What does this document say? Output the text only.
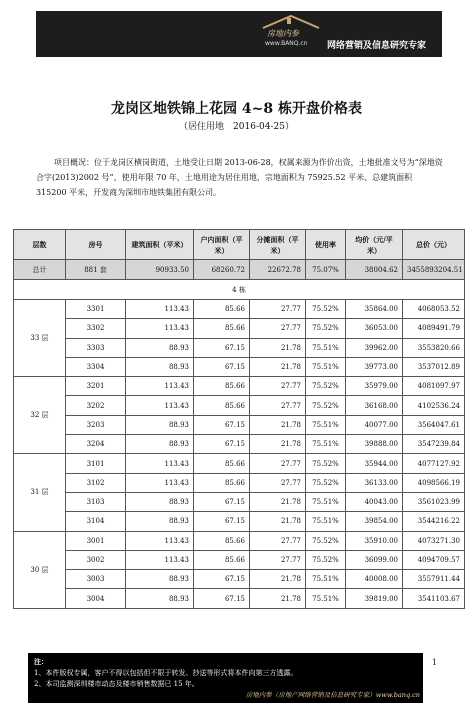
房地内参
www.BANQ.cn 网络营销及信息研究专家
龙岗区地铁锦上花园 4~8 栋开盘价格表
（居住用地　2016-04-25）
项目概况：位于龙岗区横岗街道，土地受让日期 2013-06-28，权属来源为作价出资，土地批准文号为“深地资合字(2013)2002 号”，使用年限 70 年，土地用途为居住用地，宗地面积为 75925.52 平米、总建筑面积 315200 平米，开发商为深圳市地铁集团有限公司。
层数	房号	建筑面积（平米）	户内面积（平米）	分摊面积（平米）	使用率	均价（元/平米）	总价（元）
总计	881 套	90933.50	68260.72	22672.78	75.07%	38004.62	3455893204.51
4 栋							
33 层	3301	113.43	85.66	27.77	75.52%	35864.00	4068053.52
	3302	113.43	85.66	27.77	75.52%	36053.00	4089491.79
	3303	88.93	67.15	21.78	75.51%	39962.00	3553820.66
	3304	88.93	67.15	21.78	75.51%	39773.00	3537012.89
32 层	3201	113.43	85.66	27.77	75.52%	35979.00	4081097.97
	3202	113.43	85.66	27.77	75.52%	36168.00	4102536.24
	3203	88.93	67.15	21.78	75.51%	40077.00	3564047.61
	3204	88.93	67.15	21.78	75.51%	39888.00	3547239.84
31 层	3101	113.43	85.66	27.77	75.52%	35944.00	4077127.92
	3102	113.43	85.66	27.77	75.52%	36133.00	4098566.19
	3103	88.93	67.15	21.78	75.51%	40043.00	3561023.99
	3104	88.93	67.15	21.78	75.51%	39854.00	3544216.22
30 层	3001	113.43	85.66	27.77	75.52%	35910.00	4073271.30
	3002	113.43	85.66	27.77	75.52%	36099.00	4094709.57
	3003	88.93	67.15	21.78	75.51%	40008.00	3557911.44
	3004	88.93	67.15	21.78	75.51%	39819.00	3541103.67
注：
1、本件版权专属，客户不得以包括但不限于转发、抄送等形式将本件向第三方透露。
2、本司监测深圳楼市动态及楼市销售数据已 15 年。
房地内参（房地产网络营销及信息研究专家）www.banq.cn
1
